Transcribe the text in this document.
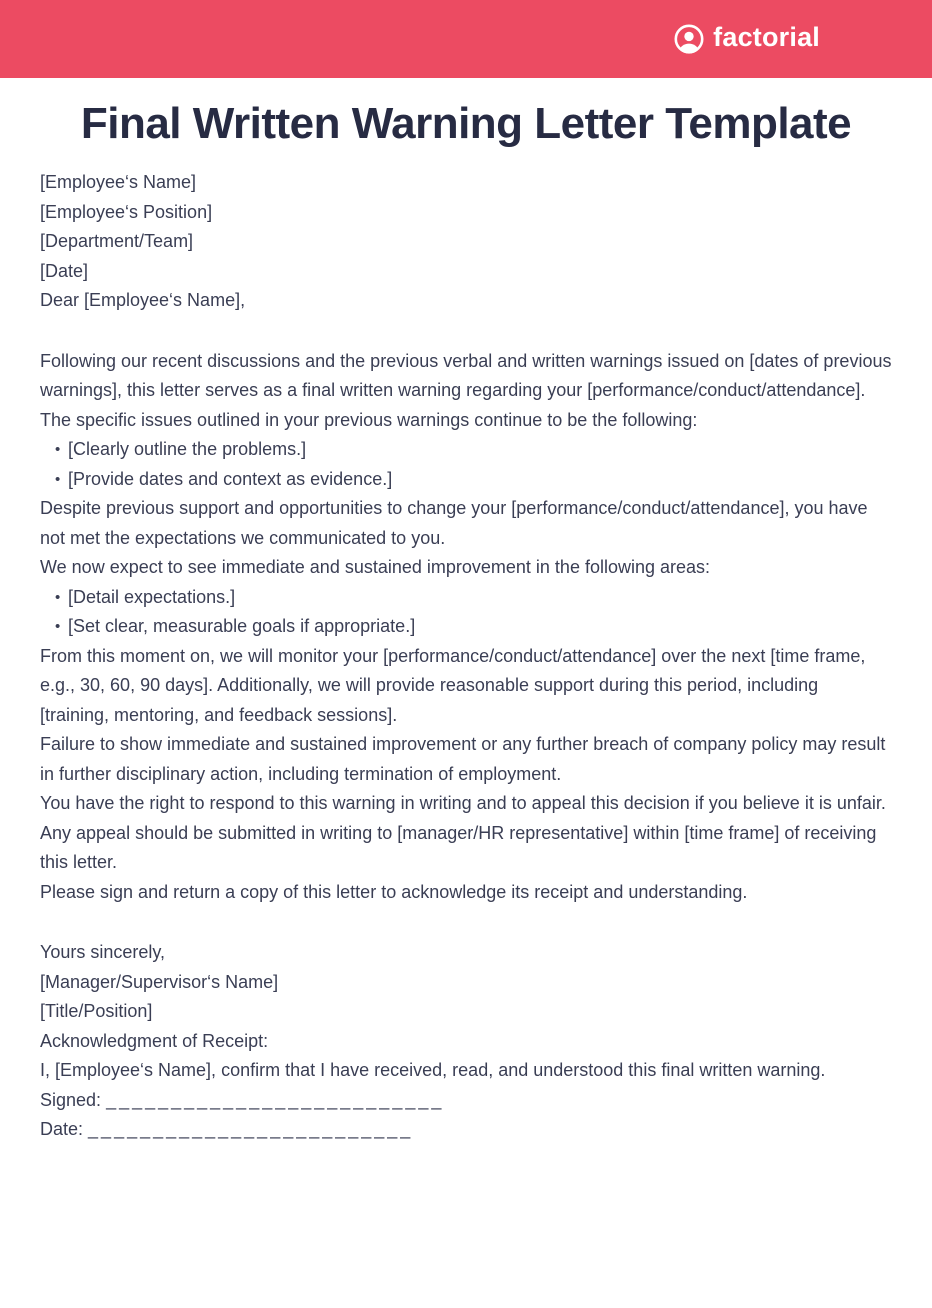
factorial
Final Written Warning Letter Template

[Employee‘s Name]

[Employee‘s Position]

[Department/Team]

[Date]

Dear [Employee‘s Name],

Following our recent discussions and the previous verbal and written warnings issued on [dates of previous warnings], this letter serves as a final written warning regarding your [performance/conduct/attendance].

The specific issues outlined in your previous warnings continue to be the following:

• [Clearly outline the problems.]
• [Provide dates and context as evidence.]

Despite previous support and opportunities to change your [performance/conduct/attendance], you have not met the expectations we communicated to you.

We now expect to see immediate and sustained improvement in the following areas:

• [Detail expectations.]
• [Set clear, measurable goals if appropriate.]

From this moment on, we will monitor your [performance/conduct/attendance] over the next [time frame, e.g., 30, 60, 90 days]. Additionally, we will provide reasonable support during this period, including [training, mentoring, and feedback sessions].

Failure to show immediate and sustained improvement or any further breach of company policy may result in further disciplinary action, including termination of employment.

You have the right to respond to this warning in writing and to appeal this decision if you believe it is unfair. Any appeal should be submitted in writing to [manager/HR representative] within [time frame] of receiving this letter.

Please sign and return a copy of this letter to acknowledge its receipt and understanding.

Yours sincerely,

[Manager/Supervisor‘s Name]

[Title/Position]

Acknowledgment of Receipt:

I, [Employee‘s Name], confirm that I have received, read, and understood this final written warning.

Signed: __________________________

Date: _________________________
